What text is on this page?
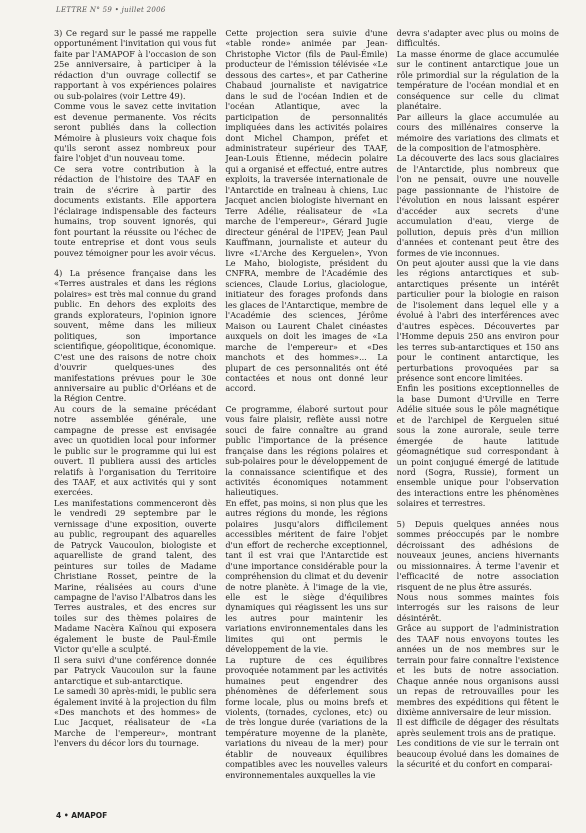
LETTRE N° 59 • juillet 2006

3) Ce regard sur le passé me rappelle opportunément l'invitation qui vous fut faite par l'AMAPOF à l'occasion de son 25e anniversaire, à participer à la rédaction d'un ouvrage collectif se rapportant à vos expériences polaires ou sub-polaires (voir Lettre 49).

Comme vous le savez cette invitation est devenue permanente. Vos récits seront publiés dans la collection Mémoire à plusieurs voix chaque fois qu'ils seront assez nombreux pour faire l'objet d'un nouveau tome.

Ce sera votre contribution à la rédaction de l'histoire des TAAF en train de s'écrire à partir des documents existants. Elle apportera l'éclairage indispensable des facteurs humains, trop souvent ignorés, qui font pourtant la réussite ou l'échec de toute entreprise et dont vous seuls pouvez témoigner pour les avoir vécus.

4) La présence française dans les «Terres australes et dans les régions polaires» est très mal connue du grand public. En dehors des exploits des grands explorateurs, l'opinion ignore souvent, même dans les milieux politiques, son importance scientifique, géopolitique, économique.

C'est une des raisons de notre choix d'ouvrir quelques-unes des manifestations prévues pour le 30e anniversaire au public d'Orléans et de la Région Centre.

Au cours de la semaine précédant notre assemblée générale, une campagne de presse est envisagée avec un quotidien local pour informer le public sur le programme qui lui est ouvert. Il publiera aussi des articles relatifs à l'organisation du Territoire des TAAF, et aux activités qui y sont exercées.

Les manifestations commenceront dès le vendredi 29 septembre par le vernissage d'une exposition, ouverte au public, regroupant des aquarelles de Patryck Vaucoulon, biologiste et aquarelliste de grand talent, des peintures sur toiles de Madame Christiane Rosset, peintre de la Marine, réalisées au cours d'une campagne de l'aviso l'Albatros dans les Terres australes, et des encres sur toiles sur des thèmes polaires de Madame Nacèra Kaïnou qui exposera également le buste de Paul-Émile Victor qu'elle a sculpté.

Il sera suivi d'une conférence donnée par Patryck Vaucoulon sur la faune antarctique et sub-antarctique.

Le samedi 30 après-midi, le public sera également invité à la projection du film «Des manchots et des hommes» de Luc Jacquet, réalisateur de «La Marche de l'empereur», montrant l'envers du décor lors du tournage.

Cette projection sera suivie d'une «table ronde» animée par Jean-Christophe Victor (fils de Paul-Émile) producteur de l'émission télévisée «Le dessous des cartes», et par Catherine Chabaud journaliste et navigatrice dans le sud de l'océan Indien et de l'océan Atlantique, avec la participation de personnalités impliquées dans les activités polaires dont Michel Champon, préfet et administrateur supérieur des TAAF, Jean-Louis Étienne, médecin polaire qui a organisé et effectué, entre autres exploits, la traversée internationale de l'Antarctide en traîneau à chiens, Luc Jacquet ancien biologiste hivernant en Terre Adélie, réalisateur de «La marche de l'empereur», Gérard Jugie directeur général de l'IPEV; Jean Paul Kauffmann, journaliste et auteur du livre «L'Arche des Kerguelen», Yvon Le Maho, biologiste, président du CNFRA, membre de l'Académie des sciences, Claude Lorius, glaciologue, initiateur des forages profonds dans les glaces de l'Antarctique, membre de l'Académie des sciences, Jérôme Maison ou Laurent Chalet cinéastes auxquels on doit les images de «La marche de l'empereur» et «Des manchots et des hommes»... La plupart de ces personnalités ont été contactées et nous ont donné leur accord.

Ce programme, élaboré surtout pour vous faire plaisir, reflète aussi notre souci de faire connaître au grand public l'importance de la présence française dans les régions polaires et sub-polaires pour le développement de la connaissance scientifique et des activités économiques notamment halieutiques.

En effet, pas moins, si non plus que les autres régions du monde, les régions polaires jusqu'alors difficilement accessibles méritent de faire l'objet d'un effort de recherche exceptionnel, tant il est vrai que l'Antarctide est d'une importance considérable pour la compréhension du climat et du devenir de notre planète. À l'image de la vie, elle est le siège d'équilibres dynamiques qui réagissent les uns sur les autres pour maintenir les variations environnementales dans les limites qui ont permis le développement de la vie.

La rupture de ces équilibres provoquée notamment par les activités humaines peut engendrer des phénomènes de déferlement sous forme locale, plus ou moins brefs et violents, (tornades, cyclones, etc) ou de très longue durée (variations de la température moyenne de la planète, variations du niveau de la mer) pour établir de nouveaux équilibres compatibles avec les nouvelles valeurs environnementales auxquelles la vie

devra s'adapter avec plus ou moins de difficultés.

La masse énorme de glace accumulée sur le continent antarctique joue un rôle primordial sur la régulation de la température de l'océan mondial et en conséquence sur celle du climat planétaire.

Par ailleurs la glace accumulée au cours des millénaires conserve la mémoire des variations des climats et de la composition de l'atmosphère.

La découverte des lacs sous glaciaires de l'Antarctide, plus nombreux que l'on ne pensait, ouvre une nouvelle page passionnante de l'histoire de l'évolution en nous laissant espérer d'accéder aux secrets d'une accumulation d'eau, vierge de pollution, depuis près d'un million d'années et contenant peut être des formes de vie inconnues.

On peut ajouter aussi que la vie dans les régions antarctiques et sub-antarctiques présente un intérêt particulier pour la biologie en raison de l'isolement dans lequel elle y a évolué à l'abri des interférences avec d'autres espèces. Découvertes par l'Homme depuis 250 ans environ pour les terres sub-antarctiques et 150 ans pour le continent antarctique, les perturbations provoquées par sa présence sont encore limitées.

Enfin les positions exceptionnelles de la base Dumont d'Urville en Terre Adélie située sous le pôle magnétique et de l'archipel de Kerguelen situé sous la zone aurorale, seule terre émergée de haute latitude géomagnétique sud correspondant à un point conjugué émergé de latitude nord (Sogra, Russie), forment un ensemble unique pour l'observation des interactions entre les phénomènes solaires et terrestres.

5) Depuis quelques années nous sommes préoccupés par le nombre décroissant des adhésions de nouveaux jeunes, anciens hivernants ou missionnaires. À terme l'avenir et l'efficacité de notre association risquent de ne plus être assurés.

Nous nous sommes maintes fois interrogés sur les raisons de leur désintérêt.

Grâce au support de l'administration des TAAF nous envoyons toutes les années un de nos membres sur le terrain pour faire connaître l'existence et les buts de notre association. Chaque année nous organisons aussi un repas de retrouvailles pour les membres des expéditions qui fêtent le dixième anniversaire de leur mission.

Il est difficile de dégager des résultats après seulement trois ans de pratique.

Les conditions de vie sur le terrain ont beaucoup évolué dans les domaines de la sécurité et du confort en comparai-

4 • AMAPOF
